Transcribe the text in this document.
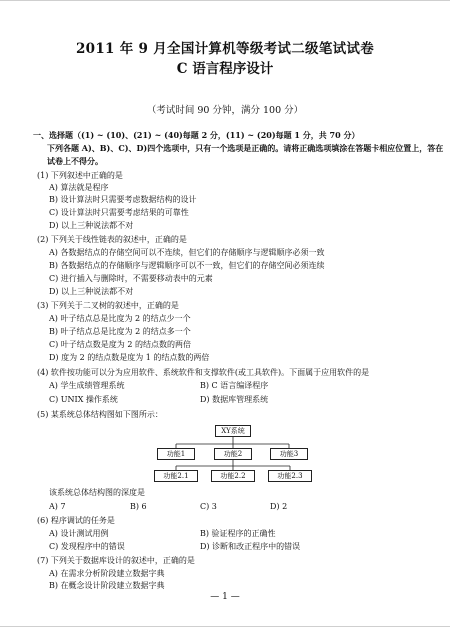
2011 年 9 月全国计算机等级考试二级笔试试卷
C 语言程序设计
（考试时间 90 分钟，满分 100 分）
一、选择题（(1) ~ (10)、(21) ~ (40)每题 2 分，(11) ~ (20)每题 1 分，共 70 分）
下列各题 A)、B)、C)、D)四个选项中，只有一个选项是正确的。请将正确选项填涂在答题卡相应位置上，答在
试卷上不得分。
(1) 下列叙述中正确的是
A) 算法就是程序
B) 设计算法时只需要考虑数据结构的设计
C) 设计算法时只需要考虑结果的可靠性
D) 以上三种说法都不对
(2) 下列关于线性链表的叙述中，正确的是
A) 各数据结点的存储空间可以不连续，但它们的存储顺序与逻辑顺序必须一致
B) 各数据结点的存储顺序与逻辑顺序可以不一致，但它们的存储空间必须连续
C) 进行插入与删除时，不需要移动表中的元素
D) 以上三种说法都不对
(3) 下列关于二叉树的叙述中，正确的是
A) 叶子结点总是比度为 2 的结点少一个
B) 叶子结点总是比度为 2 的结点多一个
C) 叶子结点数是度为 2 的结点数的两倍
D) 度为 2 的结点数是度为 1 的结点数的两倍
(4) 软件按功能可以分为应用软件、系统软件和支撑软件(或工具软件)。下面属于应用软件的是
A) 学生成绩管理系统	B) C 语言编译程序
C) UNIX 操作系统	D) 数据库管理系统
(5) 某系统总体结构图如下图所示：
XY系统
功能1	功能2	功能3
功能2.1	功能2.2	功能2.3
该系统总体结构图的深度是
A) 7	B) 6	C) 3	D) 2
(6) 程序调试的任务是
A) 设计测试用例	B) 验证程序的正确性
C) 发现程序中的错误	D) 诊断和改正程序中的错误
(7) 下列关于数据库设计的叙述中，正确的是
A) 在需求分析阶段建立数据字典
B) 在概念设计阶段建立数据字典
— 1 —
